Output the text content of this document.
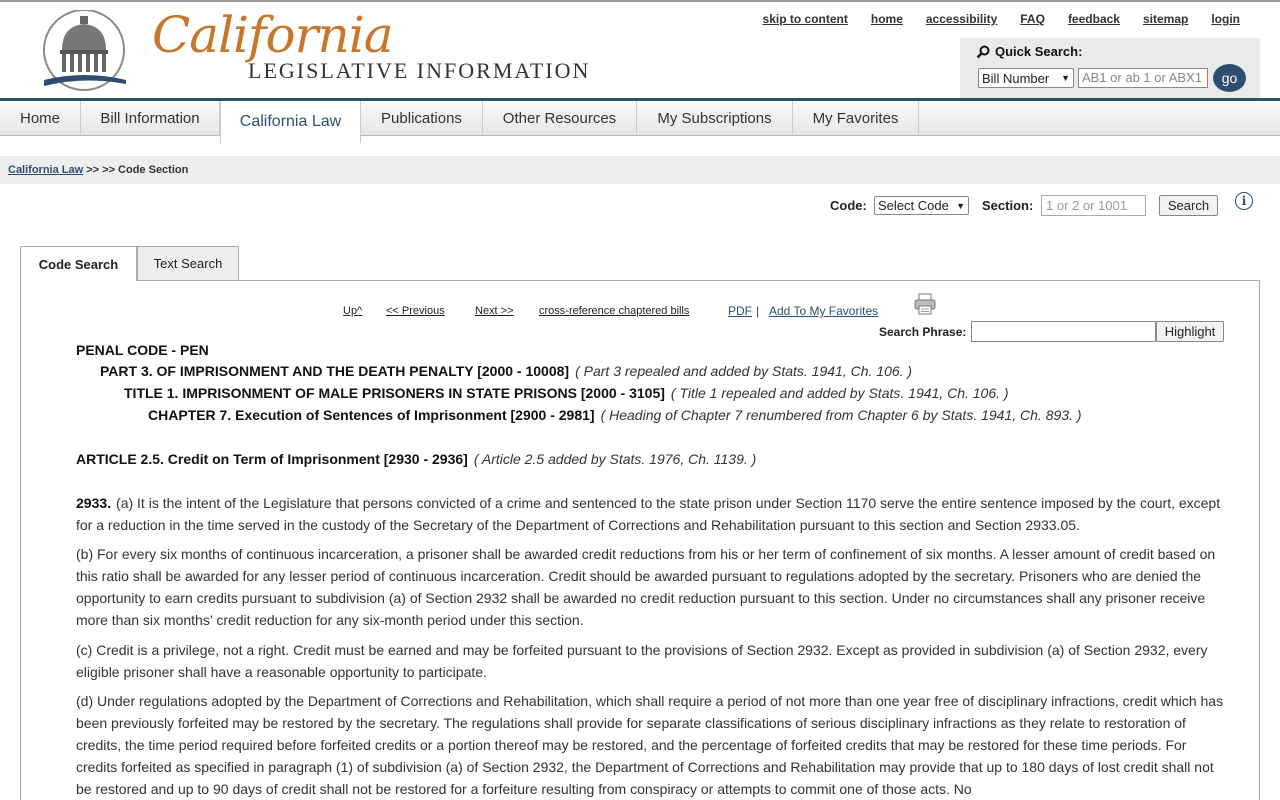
California
LEGISLATIVE INFORMATION
skip to content home accessibility FAQ feedback sitemap login
Quick Search:
Bill Number ▼ AB1 or ab 1 or ABX1	go
Home	Bill Information	California Law	Publications	Other Resources	My Subscriptions	My Favorites
California Law >> >> Code Section
Code: Select Code ▼ Section: 1 or 2 or 1001	Search	i
Code Search	Text Search
Up^ << Previous	Next >> cross-reference chaptered bills	PDF | Add To My Favorites
Search Phrase:	Highlight
PENAL CODE - PEN
PART 3. OF IMPRISONMENT AND THE DEATH PENALTY [2000 - 10008] ( Part 3 repealed and added by Stats. 1941, Ch. 106. )
TITLE 1. IMPRISONMENT OF MALE PRISONERS IN STATE PRISONS [2000 - 3105] ( Title 1 repealed and added by Stats. 1941, Ch. 106. )
CHAPTER 7. Execution of Sentences of Imprisonment [2900 - 2981] ( Heading of Chapter 7 renumbered from Chapter 6 by Stats. 1941, Ch. 893. )
ARTICLE 2.5. Credit on Term of Imprisonment [2930 - 2936] ( Article 2.5 added by Stats. 1976, Ch. 1139. )
2933. (a) It is the intent of the Legislature that persons convicted of a crime and sentenced to the state prison under Section 1170 serve the entire sentence imposed by the court, except for a reduction in the time served in the custody of the Secretary of the Department of Corrections and Rehabilitation pursuant to this section and Section 2933.05.
(b) For every six months of continuous incarceration, a prisoner shall be awarded credit reductions from his or her term of confinement of six months. A lesser amount of credit based on this ratio shall be awarded for any lesser period of continuous incarceration. Credit should be awarded pursuant to regulations adopted by the secretary. Prisoners who are denied the opportunity to earn credits pursuant to subdivision (a) of Section 2932 shall be awarded no credit reduction pursuant to this section. Under no circumstances shall any prisoner receive more than six months’ credit reduction for any six-month period under this section.
(c) Credit is a privilege, not a right. Credit must be earned and may be forfeited pursuant to the provisions of Section 2932. Except as provided in subdivision (a) of Section 2932, every eligible prisoner shall have a reasonable opportunity to participate.
(d) Under regulations adopted by the Department of Corrections and Rehabilitation, which shall require a period of not more than one year free of disciplinary infractions, credit which has been previously forfeited may be restored by the secretary. The regulations shall provide for separate classifications of serious disciplinary infractions as they relate to restoration of credits, the time period required before forfeited credits or a portion thereof may be restored, and the percentage of forfeited credits that may be restored for these time periods. For credits forfeited as specified in paragraph (1) of subdivision (a) of Section 2932, the Department of Corrections and Rehabilitation may provide that up to 180 days of lost credit shall not be restored and up to 90 days of credit shall not be restored for a forfeiture resulting from conspiracy or attempts to commit one of those acts. No
